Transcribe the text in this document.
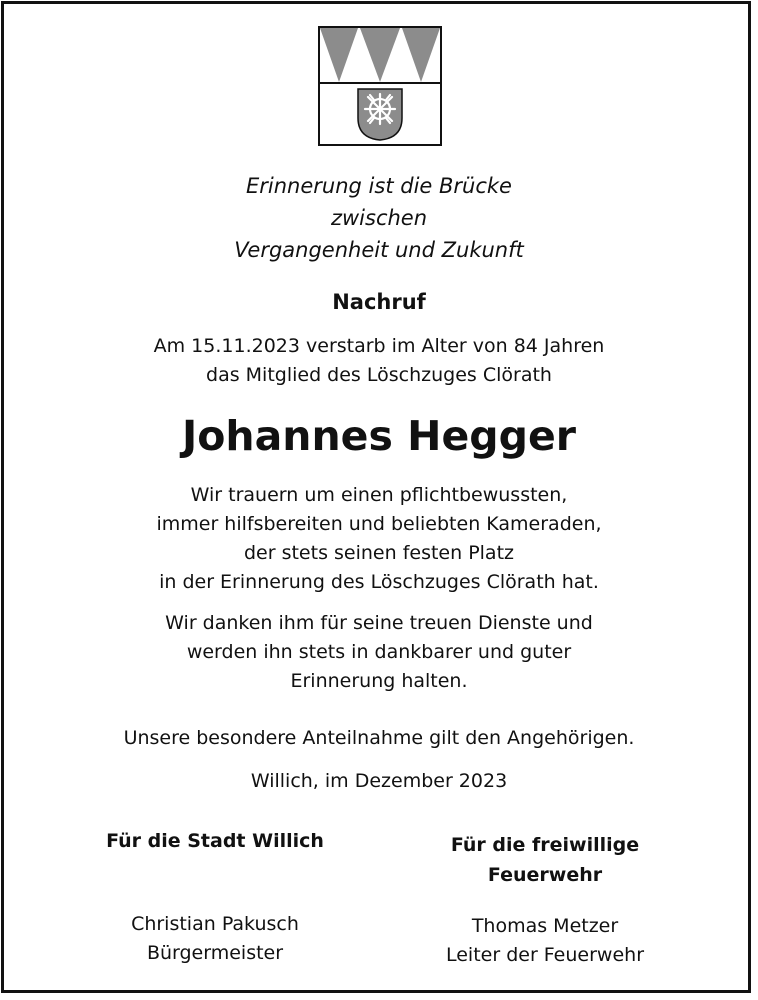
Erinnerung ist die Brücke
zwischen
Vergangenheit und Zukunft
Nachruf
Am 15.11.2023 verstarb im Alter von 84 Jahren
das Mitglied des Löschzuges Clörath
Johannes Hegger
Wir trauern um einen pflichtbewussten,
immer hilfsbereiten und beliebten Kameraden,
der stets seinen festen Platz
in der Erinnerung des Löschzuges Clörath hat.
Wir danken ihm für seine treuen Dienste und
werden ihn stets in dankbarer und guter
Erinnerung halten.
Unsere besondere Anteilnahme gilt den Angehörigen.
Willich, im Dezember 2023
Für die Stadt Willich
Christian Pakusch
Bürgermeister
Für die freiwillige
Feuerwehr
Thomas Metzer
Leiter der Feuerwehr
